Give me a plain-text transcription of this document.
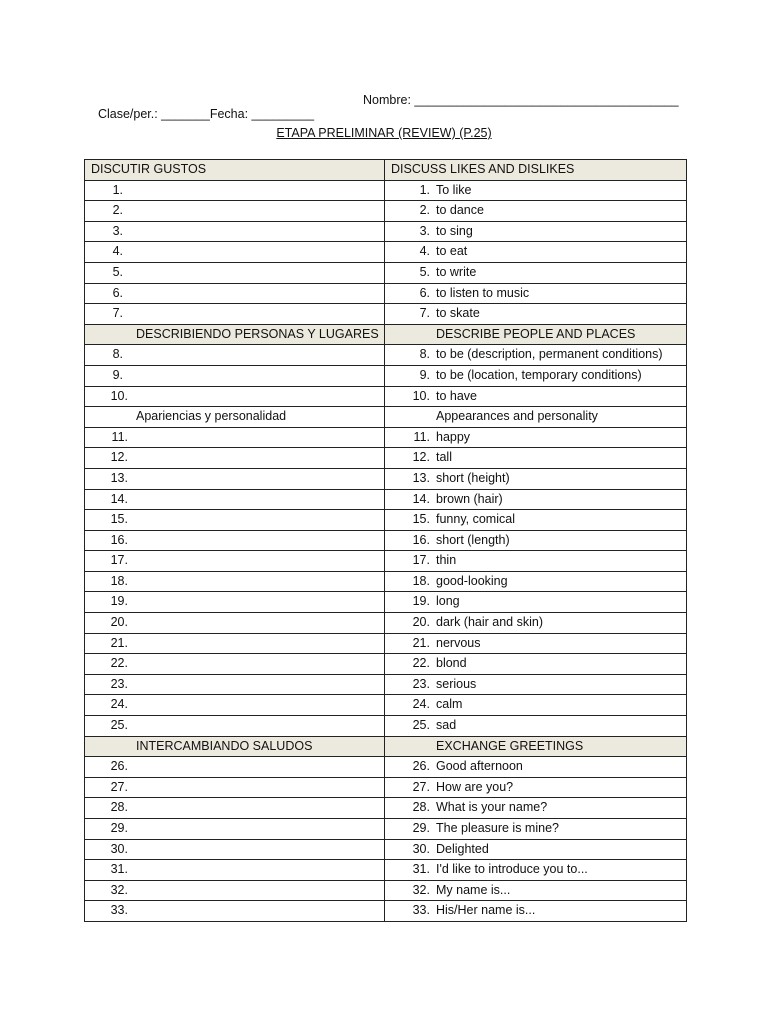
Clase/per.: _______Fecha: _________

Nombre: ______________________________________

ETAPA PRELIMINAR (REVIEW) (P.25)
DISCUTIR GUSTOS	DISCUSS LIKES AND DISLIKES
1.	1. To like
2.	2. to dance
3.	3. to sing
4.	4. to eat
5.	5. to write
6.	6. to listen to music
7.	7. to skate
DESCRIBIENDO PERSONAS Y LUGARES	DESCRIBE PEOPLE AND PLACES
8.	8. to be (description, permanent conditions)
9.	9. to be (location, temporary conditions)
10.	10. to have
Apariencias y personalidad	Appearances and personality
11.	11. happy
12.	12. tall
13.	13. short (height)
14.	14. brown (hair)
15.	15. funny, comical
16.	16. short (length)
17.	17. thin
18.	18. good-looking
19.	19. long
20.	20. dark (hair and skin)
21.	21. nervous
22.	22. blond
23.	23. serious
24.	24. calm
25.	25. sad
INTERCAMBIANDO SALUDOS	EXCHANGE GREETINGS
26.	26. Good afternoon
27.	27. How are you?
28.	28. What is your name?
29.	29. The pleasure is mine?
30.	30. Delighted
31.	31. I'd like to introduce you to...
32.	32. My name is...
33.	33. His/Her name is...
